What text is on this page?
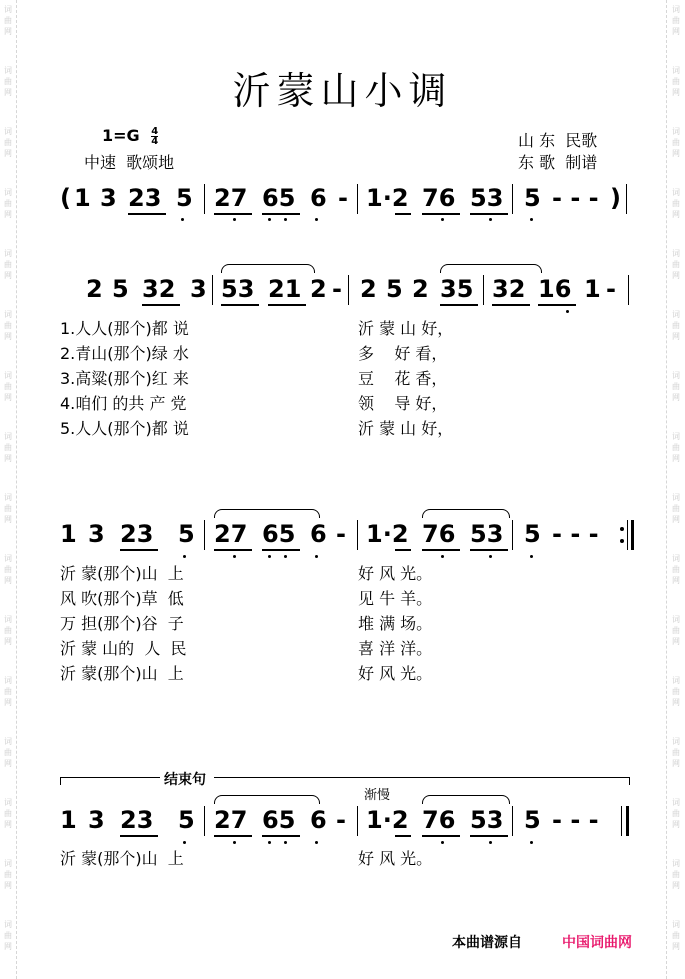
词
曲
网
词
曲
网
词
曲
网
词
曲
网
词
曲
网
词
曲
网
词
曲
网
词
曲
网
词
曲
网
词
曲
网
词
曲
网
词
曲
网
词
曲
网
词
曲
网
词
曲
网
词
曲
网
词
曲
网
词
曲
网
词
曲
网
词
曲
网
词
曲
网
词
曲
网
词
曲
网
词
曲
网
词
曲
网
词
曲
网
词
曲
网
词
曲
网
词
曲
网
词
曲
网
词
曲
网
词
曲
网
沂蒙山小调
$1=G \frac{4}{4}$
中速  歌颂地
山 东  民歌
东 歌  制谱
( 1 3 23 5 27 65 6 - 1·2 76 53 5 - - - )
2 5 32 3 53 21 2 - 2 5 2 35 32 16 1 -
1.人人(那个)都 说
2.青山(那个)绿 水
3.高粱(那个)红 来
4.咱们 的共 产 党
5.人人(那个)都 说
沂 蒙 山 好，
多    好 看，
豆    花 香，
领    导 好，
沂 蒙 山 好，
1 3 23 5 27 65 6 - 1·2 76 53 5 - - -
沂 蒙(那个)山  上
风 吹(那个)草  低
万 担(那个)谷  子
沂 蒙 山的  人  民
沂 蒙(那个)山  上
好 风 光。
见 牛 羊。
堆 满 场。
喜 洋 洋。
好 风 光。
结束句
渐慢
1 3 23 5 27 65 6 - 1·2 76 53 5 - - -
沂 蒙(那个)山  上	好 风 光。
本曲谱源自	中国词曲网
